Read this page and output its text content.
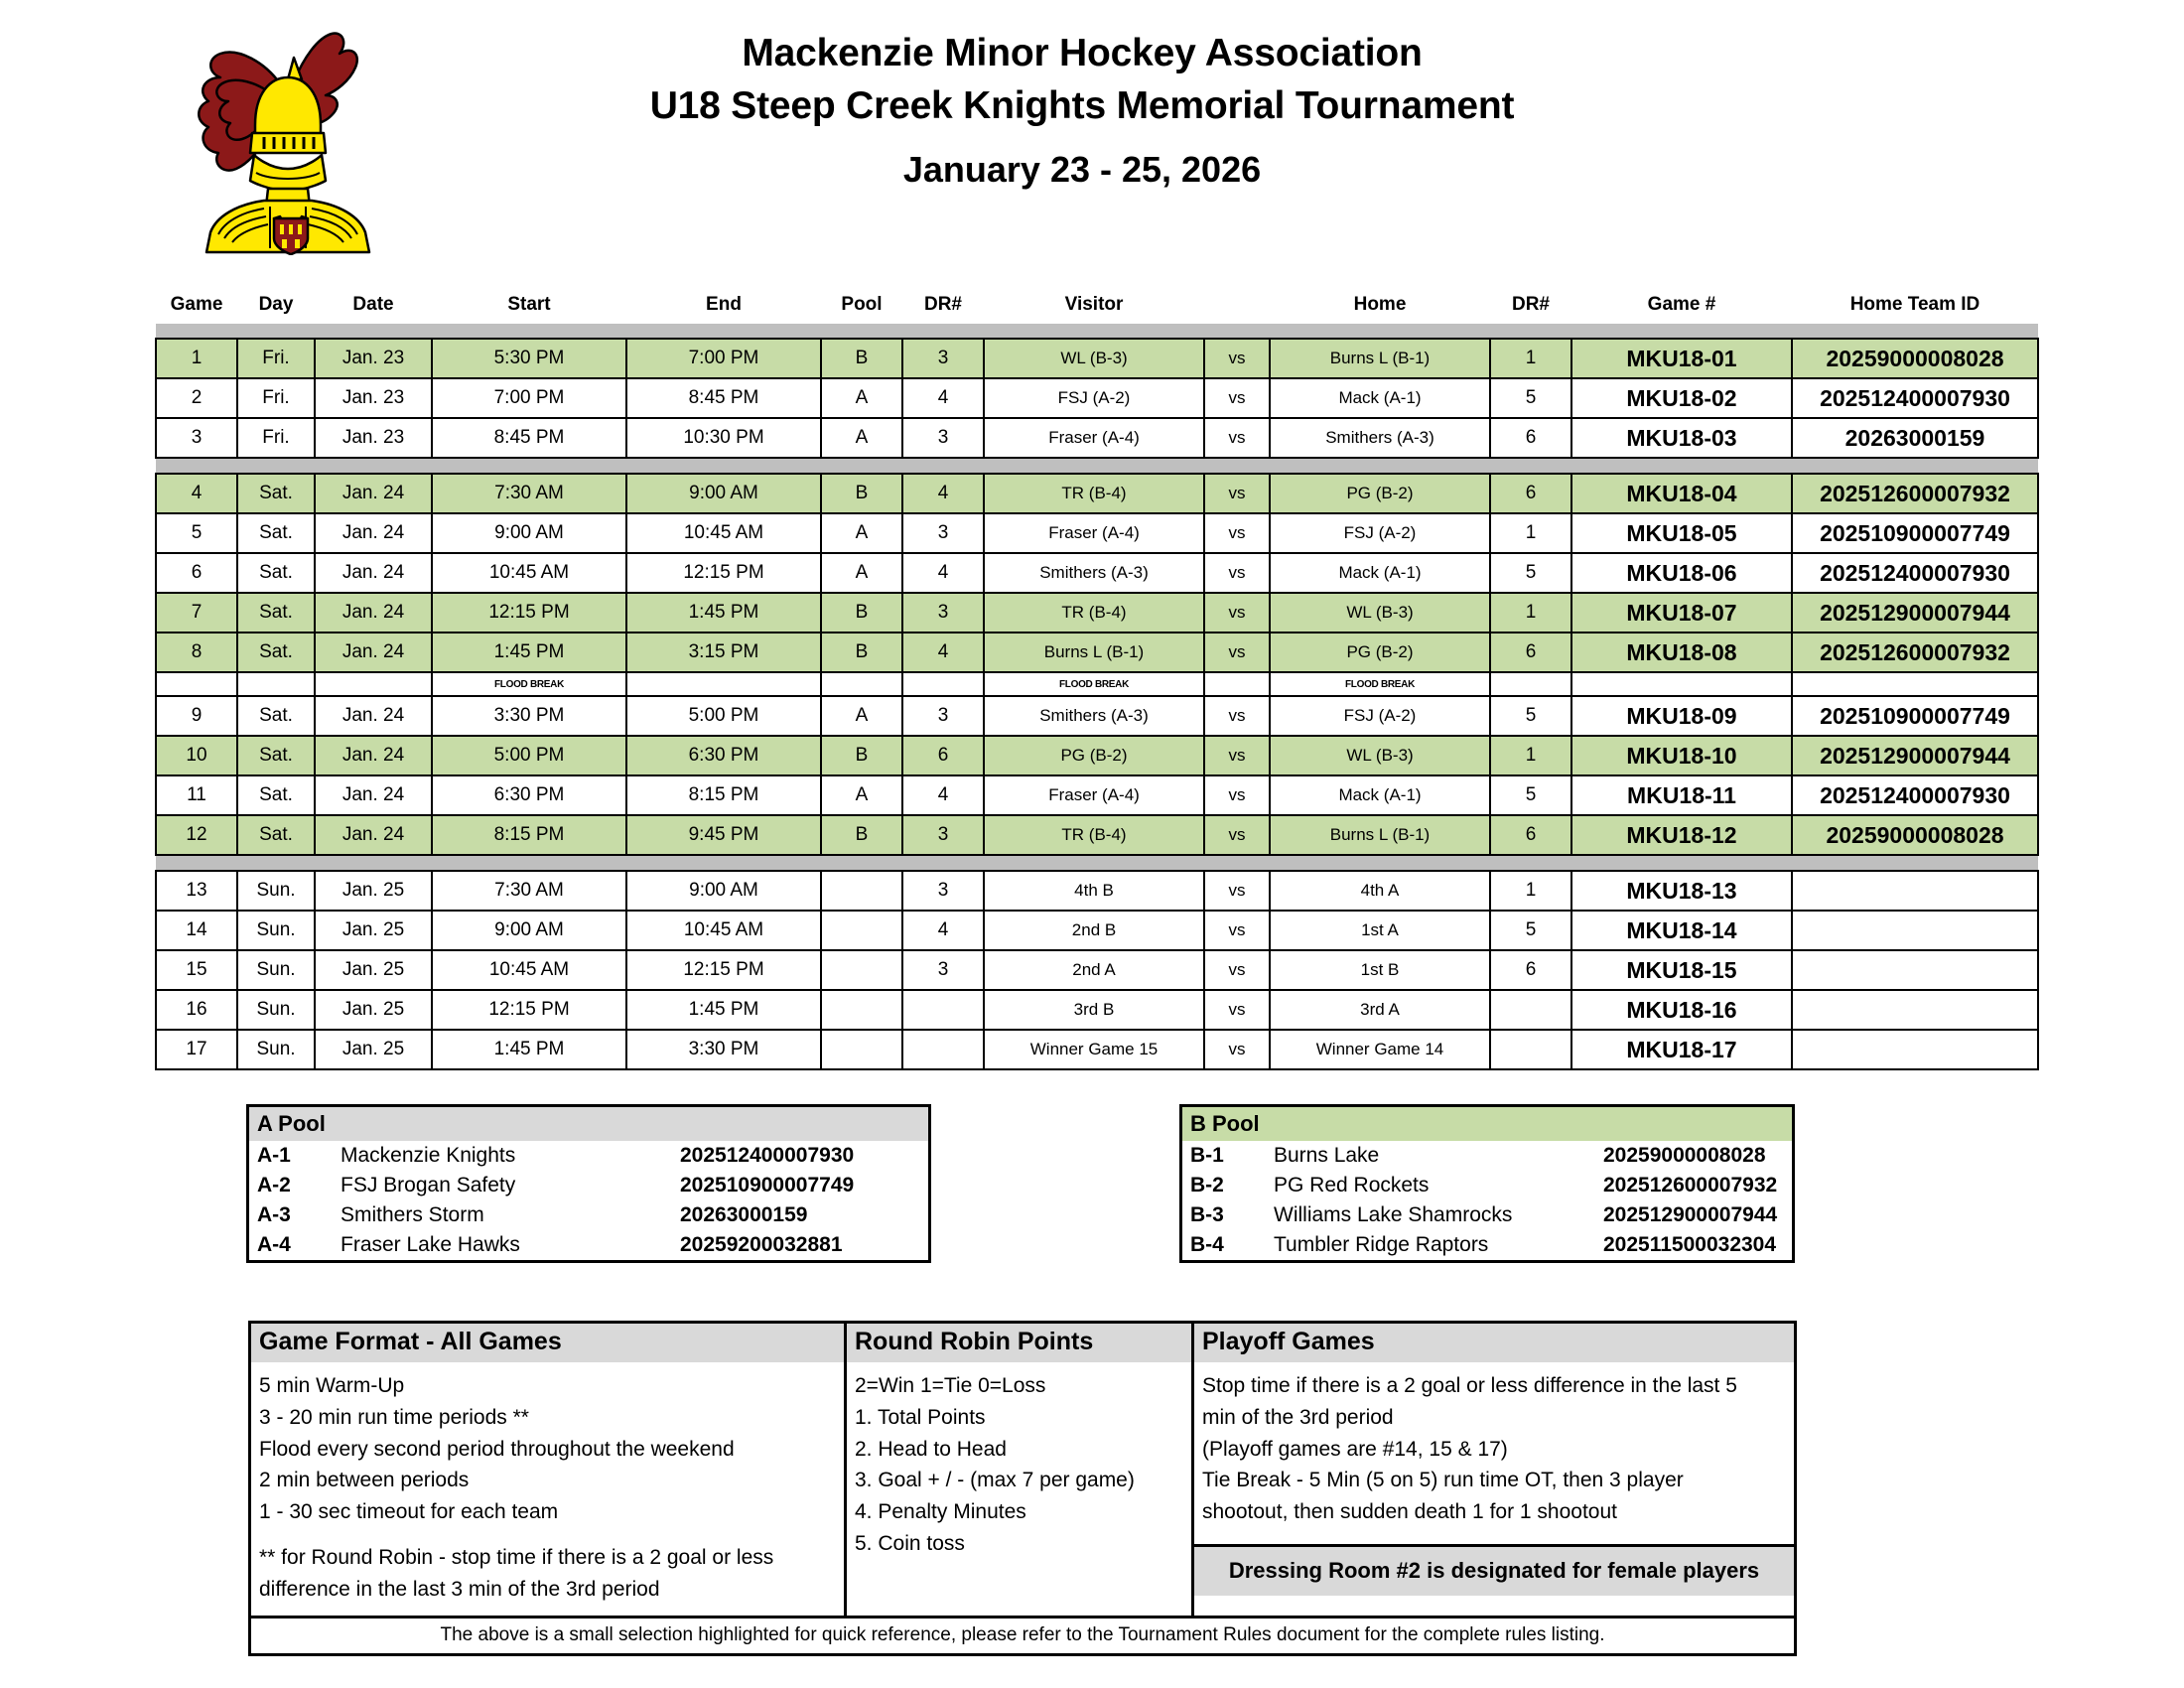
Mackenzie Minor Hockey Association
U18 Steep Creek Knights Memorial Tournament
January 23 - 25, 2026
Game	Day	Date	Start	End	Pool	DR#	Visitor		Home	DR#	Game #	Home Team ID

1	Fri.	Jan. 23	5:30 PM	7:00 PM	B	3	WL (B-3)	vs	Burns L (B-1)	1	MKU18-01	20259000008028
2	Fri.	Jan. 23	7:00 PM	8:45 PM	A	4	FSJ (A-2)	vs	Mack (A-1)	5	MKU18-02	202512400007930
3	Fri.	Jan. 23	8:45 PM	10:30 PM	A	3	Fraser (A-4)	vs	Smithers (A-3)	6	MKU18-03	20263000159

4	Sat.	Jan. 24	7:30 AM	9:00 AM	B	4	TR (B-4)	vs	PG (B-2)	6	MKU18-04	202512600007932
5	Sat.	Jan. 24	9:00 AM	10:45 AM	A	3	Fraser (A-4)	vs	FSJ (A-2)	1	MKU18-05	202510900007749
6	Sat.	Jan. 24	10:45 AM	12:15 PM	A	4	Smithers (A-3)	vs	Mack (A-1)	5	MKU18-06	202512400007930
7	Sat.	Jan. 24	12:15 PM	1:45 PM	B	3	TR (B-4)	vs	WL (B-3)	1	MKU18-07	202512900007944
8	Sat.	Jan. 24	1:45 PM	3:15 PM	B	4	Burns L (B-1)	vs	PG (B-2)	6	MKU18-08	202512600007932
			FLOOD BREAK				FLOOD BREAK		FLOOD BREAK			
9	Sat.	Jan. 24	3:30 PM	5:00 PM	A	3	Smithers (A-3)	vs	FSJ (A-2)	5	MKU18-09	202510900007749
10	Sat.	Jan. 24	5:00 PM	6:30 PM	B	6	PG (B-2)	vs	WL (B-3)	1	MKU18-10	202512900007944
11	Sat.	Jan. 24	6:30 PM	8:15 PM	A	4	Fraser (A-4)	vs	Mack (A-1)	5	MKU18-11	202512400007930
12	Sat.	Jan. 24	8:15 PM	9:45 PM	B	3	TR (B-4)	vs	Burns L (B-1)	6	MKU18-12	20259000008028

13	Sun.	Jan. 25	7:30 AM	9:00 AM		3	4th B	vs	4th A	1	MKU18-13	
14	Sun.	Jan. 25	9:00 AM	10:45 AM		4	2nd B	vs	1st A	5	MKU18-14	
15	Sun.	Jan. 25	10:45 AM	12:15 PM		3	2nd A	vs	1st B	6	MKU18-15	
16	Sun.	Jan. 25	12:15 PM	1:45 PM			3rd B	vs	3rd A		MKU18-16	
17	Sun.	Jan. 25	1:45 PM	3:30 PM			Winner Game 15	vs	Winner Game 14		MKU18-17	
A Pool
A-1	Mackenzie Knights	202512400007930
A-2	FSJ Brogan Safety	202510900007749
A-3	Smithers Storm	20263000159
A-4	Fraser Lake Hawks	20259200032881
B Pool
B-1	Burns Lake	20259000008028
B-2	PG Red Rockets	202512600007932
B-3	Williams Lake Shamrocks	202512900007944
B-4	Tumbler Ridge Raptors	202511500032304
Game Format - All Games
5 min Warm-Up
3 - 20 min run time periods **
Flood every second period throughout the weekend
2 min between periods
1 - 30 sec timeout for each team

** for Round Robin - stop time if there is a 2 goal or less
difference in the last 3 min of the 3rd period
Round Robin Points
2=Win 1=Tie 0=Loss
1. Total Points
2. Head to Head
3. Goal + / - (max 7 per game)
4. Penalty Minutes
5. Coin toss
Playoff Games
Stop time if there is a 2 goal or less difference in the last 5
min of the 3rd period
(Playoff games are #14, 15 & 17)
Tie Break - 5 Min (5 on 5) run time OT, then 3 player
shootout, then sudden death 1 for 1 shootout
Dressing Room #2 is designated for female players
The above is a small selection highlighted for quick reference, please refer to the Tournament Rules document for the complete rules listing.
